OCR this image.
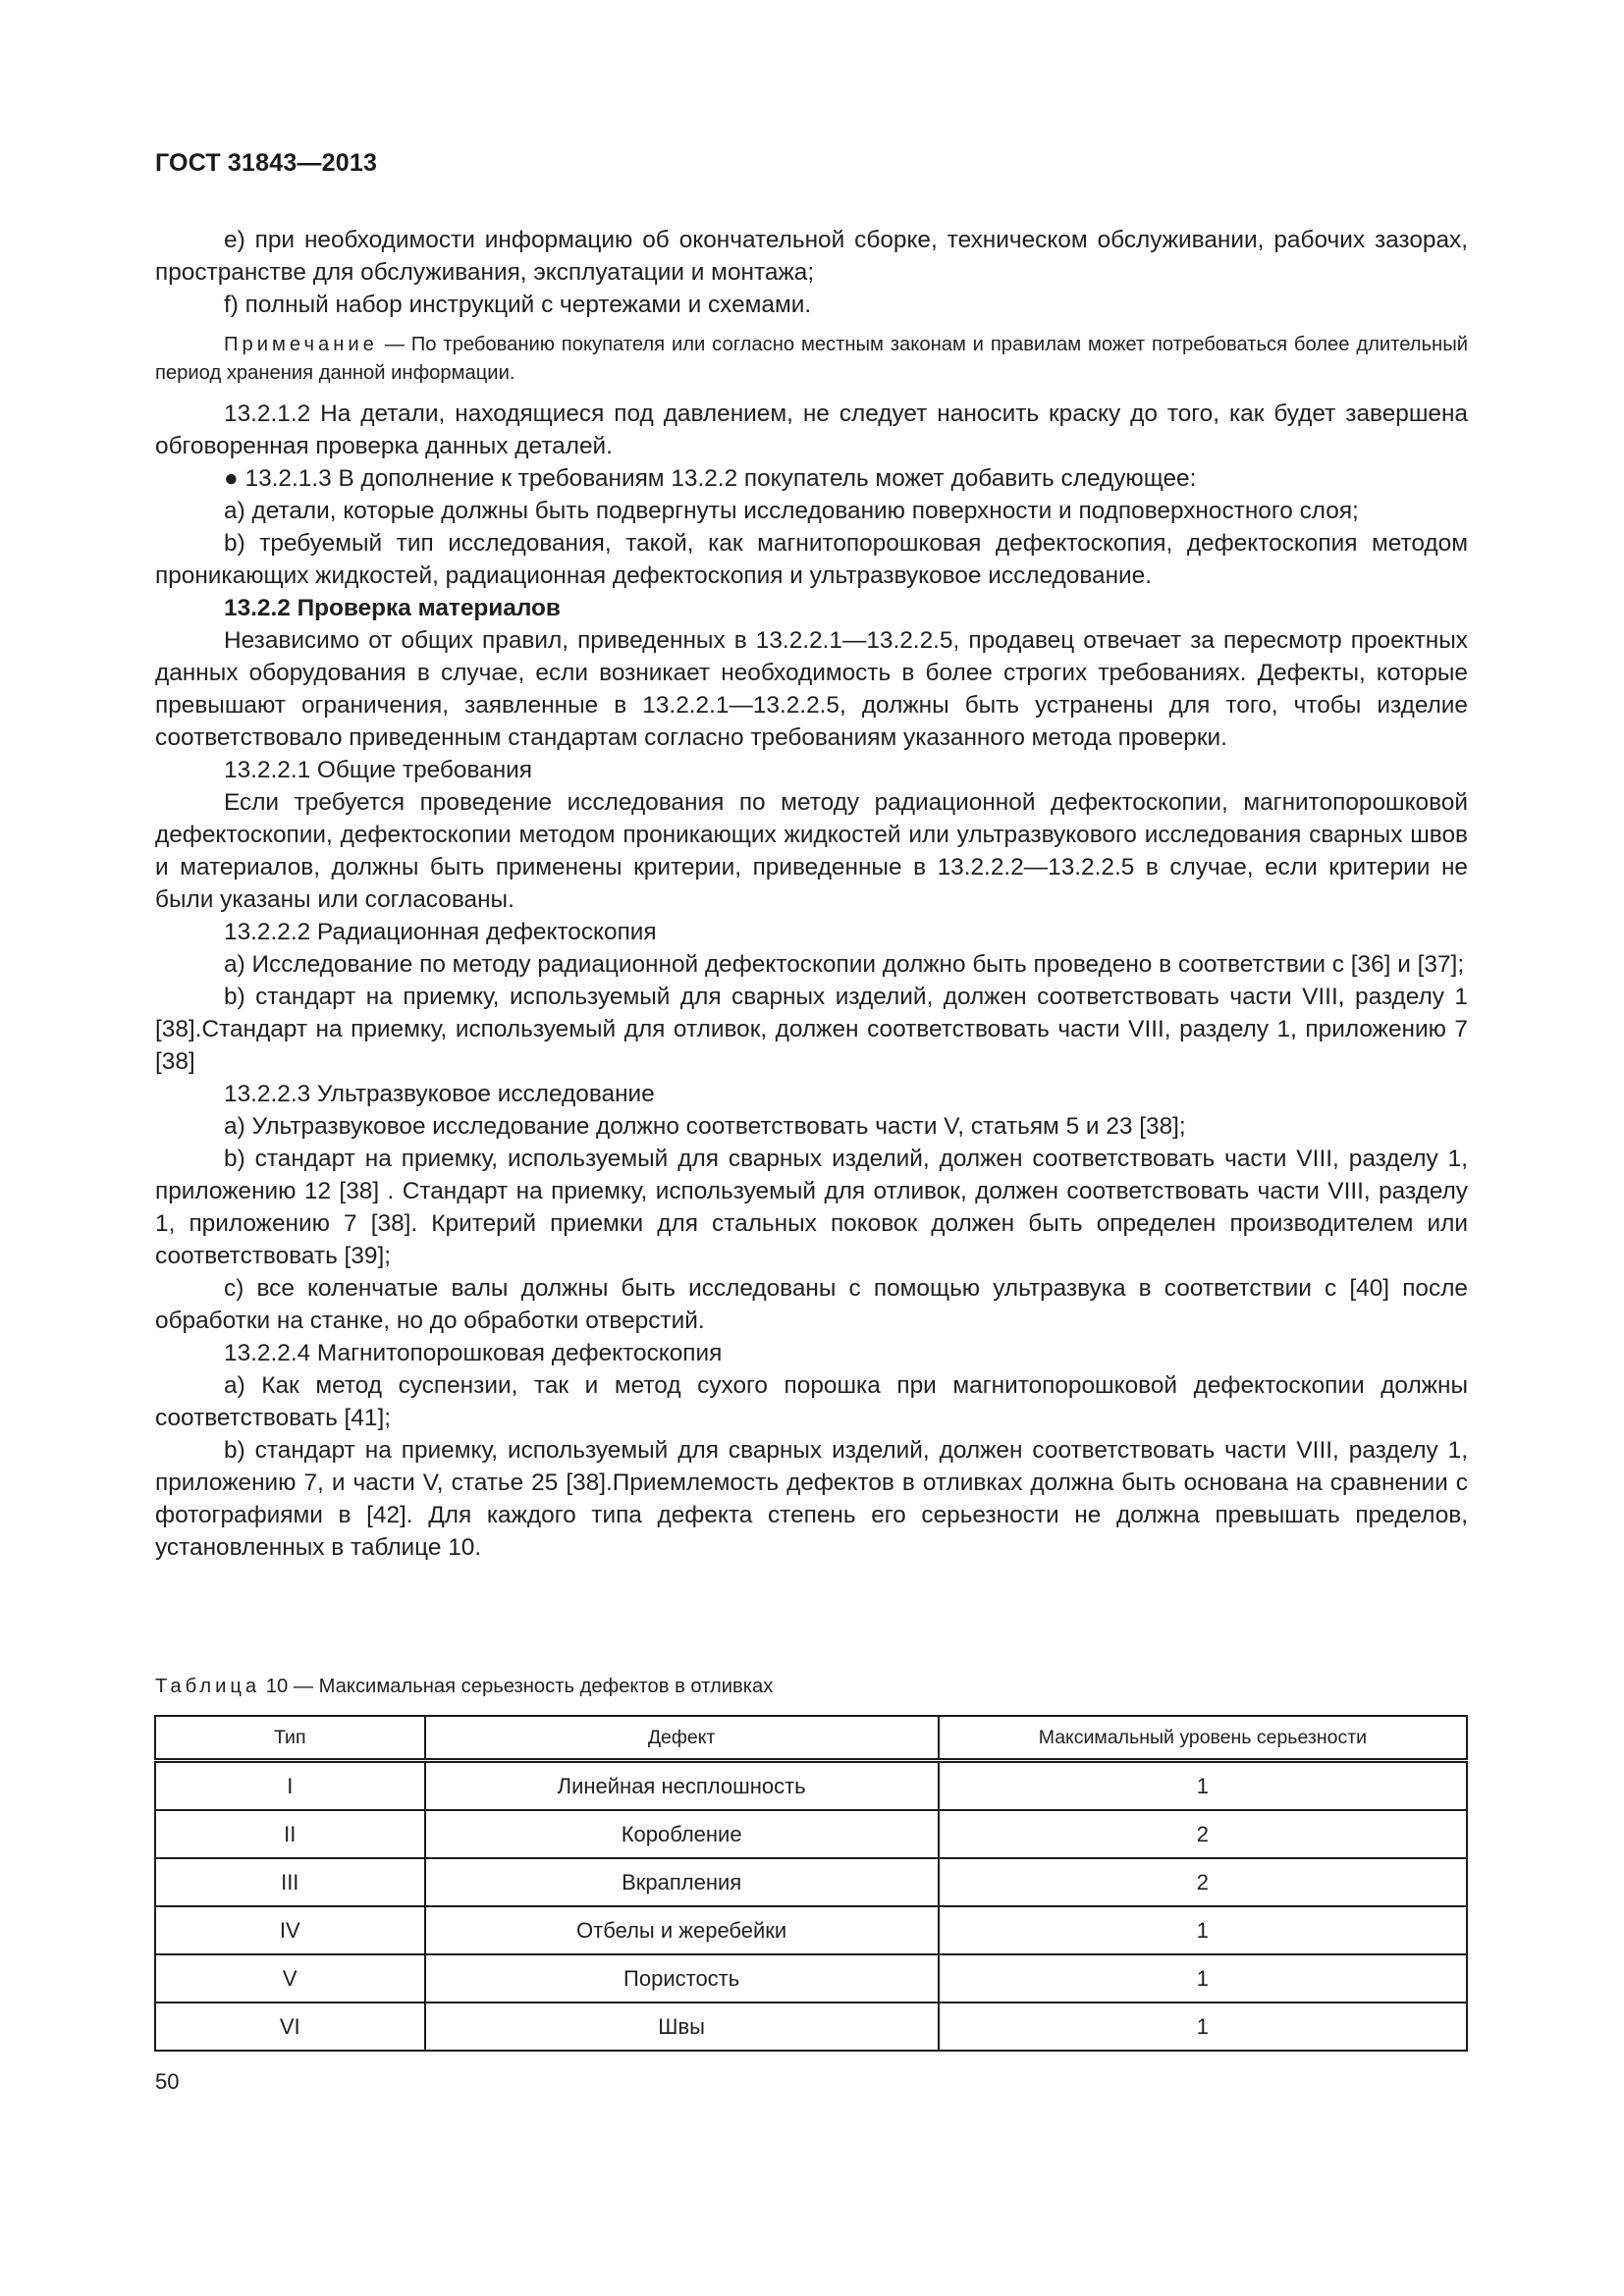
ГОСТ 31843—2013

e) при необходимости информацию об окончательной сборке, техническом обслуживании, рабочих зазорах, пространстве для обслуживания, эксплуатации и монтажа;

f) полный набор инструкций с чертежами и схемами.

Примечание — По требованию покупателя или согласно местным законам и правилам может потребоваться более длительный период хранения данной информации.

13.2.1.2 На детали, находящиеся под давлением, не следует наносить краску до того, как будет завершена обговоренная проверка данных деталей.

● 13.2.1.3 В дополнение к требованиям 13.2.2 покупатель может добавить следующее:

a) детали, которые должны быть подвергнуты исследованию поверхности и подповерхностного слоя;

b) требуемый тип исследования, такой, как магнитопорошковая дефектоскопия, дефектоскопия методом проникающих жидкостей, радиационная дефектоскопия и ультразвуковое исследование.

13.2.2 Проверка материалов

Независимо от общих правил, приведенных в 13.2.2.1—13.2.2.5, продавец отвечает за пересмотр проектных данных оборудования в случае, если возникает необходимость в более строгих требованиях. Дефекты, которые превышают ограничения, заявленные в 13.2.2.1—13.2.2.5, должны быть устранены для того, чтобы изделие соответствовало приведенным стандартам согласно требованиям указанного метода проверки.

13.2.2.1 Общие требования

Если требуется проведение исследования по методу радиационной дефектоскопии, магнитопорошковой дефектоскопии, дефектоскопии методом проникающих жидкостей или ультразвукового исследования сварных швов и материалов, должны быть применены критерии, приведенные в 13.2.2.2—13.2.2.5 в случае, если критерии не были указаны или согласованы.

13.2.2.2 Радиационная дефектоскопия

a) Исследование по методу радиационной дефектоскопии должно быть проведено в соответствии с [36] и [37];

b) стандарт на приемку, используемый для сварных изделий, должен соответствовать части VIII, разделу 1 [38].Стандарт на приемку, используемый для отливок, должен соответствовать части VIII, разделу 1, приложению 7 [38]

13.2.2.3 Ультразвуковое исследование

a) Ультразвуковое исследование должно соответствовать части V, статьям 5 и 23 [38];

b) стандарт на приемку, используемый для сварных изделий, должен соответствовать части VIII, разделу 1, приложению 12 [38] . Стандарт на приемку, используемый для отливок, должен соответствовать части VIII, разделу 1, приложению 7 [38]. Критерий приемки для стальных поковок должен быть определен производителем или соответствовать [39];

c) все коленчатые валы должны быть исследованы с помощью ультразвука в соответствии с [40] после обработки на станке, но до обработки отверстий.

13.2.2.4 Магнитопорошковая дефектоскопия

a) Как метод суспензии, так и метод сухого порошка при магнитопорошковой дефектоскопии должны соответствовать [41];

b) стандарт на приемку, используемый для сварных изделий, должен соответствовать части VIII, разделу 1, приложению 7, и части V, статье 25 [38].Приемлемость дефектов в отливках должна быть основана на сравнении с фотографиями в [42]. Для каждого типа дефекта степень его серьезности не должна превышать пределов, установленных в таблице 10.

Таблица 10 — Максимальная серьезность дефектов в отливках
Тип	Дефект	Максимальный уровень серьезности
I	Линейная несплошность	1
II	Коробление	2
III	Вкрапления	2
IV	Отбелы и жеребейки	1
V	Пористость	1
VI	Швы	1
50
